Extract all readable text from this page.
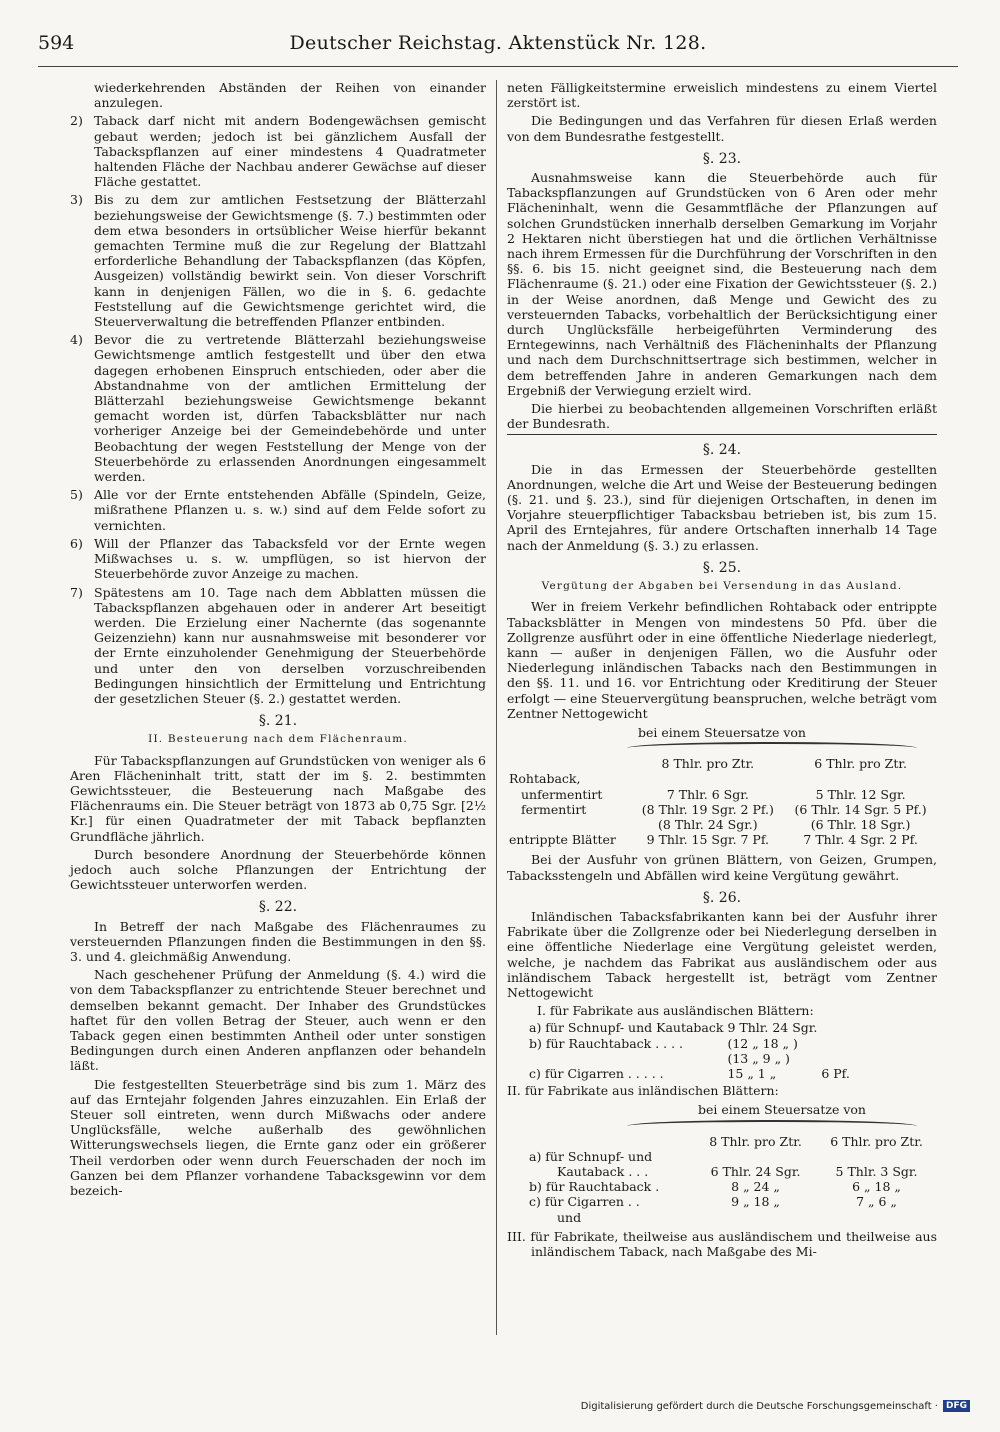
594	Deutscher Reichstag. Aktenstück Nr. 128.

wiederkehrenden Abständen der Reihen von einander anzulegen.

2) Taback darf nicht mit andern Bodengewächsen gemischt gebaut werden; jedoch ist bei gänzlichem Ausfall der Tabackspflanzen auf einer mindestens 4 Quadratmeter haltenden Fläche der Nachbau anderer Gewächse auf dieser Fläche gestattet.
3) Bis zu dem zur amtlichen Festsetzung der Blätterzahl beziehungsweise der Gewichtsmenge (§. 7.) bestimmten oder dem etwa besonders in ortsüblicher Weise hierfür bekannt gemachten Termine muß die zur Regelung der Blattzahl erforderliche Behandlung der Tabackspflanzen (das Köpfen, Ausgeizen) vollständig bewirkt sein. Von dieser Vorschrift kann in denjenigen Fällen, wo die in §. 6. gedachte Feststellung auf die Gewichtsmenge gerichtet wird, die Steuerverwaltung die betreffenden Pflanzer entbinden.
4) Bevor die zu vertretende Blätterzahl beziehungsweise Gewichtsmenge amtlich festgestellt und über den etwa dagegen erhobenen Einspruch entschieden, oder aber die Abstandnahme von der amtlichen Ermittelung der Blätterzahl beziehungsweise Gewichtsmenge bekannt gemacht worden ist, dürfen Tabacksblätter nur nach vorheriger Anzeige bei der Gemeindebehörde und unter Beobachtung der wegen Feststellung der Menge von der Steuerbehörde zu erlassenden Anordnungen eingesammelt werden.
5) Alle vor der Ernte entstehenden Abfälle (Spindeln, Geize, mißrathene Pflanzen u. s. w.) sind auf dem Felde sofort zu vernichten.
6) Will der Pflanzer das Tabacksfeld vor der Ernte wegen Mißwachses u. s. w. umpflügen, so ist hiervon der Steuerbehörde zuvor Anzeige zu machen.
7) Spätestens am 10. Tage nach dem Abblatten müssen die Tabackspflanzen abgehauen oder in anderer Art beseitigt werden. Die Erzielung einer Nachernte (das sogenannte Geizenziehn) kann nur ausnahmsweise mit besonderer vor der Ernte einzuholender Genehmigung der Steuerbehörde und unter den von derselben vorzuschreibenden Bedingungen hinsichtlich der Ermittelung und Entrichtung der gesetzlichen Steuer (§. 2.) gestattet werden.
§. 21.
II. Besteuerung nach dem Flächenraum.

Für Tabackspflanzungen auf Grundstücken von weniger als 6 Aren Flächeninhalt tritt, statt der im §. 2. bestimmten Gewichtssteuer, die Besteuerung nach Maßgabe des Flächenraums ein. Die Steuer beträgt von 1873 ab 0,75 Sgr. [2½ Kr.] für einen Quadratmeter der mit Taback bepflanzten Grundfläche jährlich.

Durch besondere Anordnung der Steuerbehörde können jedoch auch solche Pflanzungen der Entrichtung der Gewichtssteuer unterworfen werden.

§. 22.

In Betreff der nach Maßgabe des Flächenraumes zu versteuernden Pflanzungen finden die Bestimmungen in den §§. 3. und 4. gleichmäßig Anwendung.

Nach geschehener Prüfung der Anmeldung (§. 4.) wird die von dem Tabackspflanzer zu entrichtende Steuer berechnet und demselben bekannt gemacht. Der Inhaber des Grundstückes haftet für den vollen Betrag der Steuer, auch wenn er den Taback gegen einen bestimmten Antheil oder unter sonstigen Bedingungen durch einen Anderen anpflanzen oder behandeln läßt.

Die festgestellten Steuerbeträge sind bis zum 1. März des auf das Erntejahr folgenden Jahres einzuzahlen. Ein Erlaß der Steuer soll eintreten, wenn durch Mißwachs oder andere Unglücksfälle, welche außerhalb des gewöhnlichen Witterungswechsels liegen, die Ernte ganz oder ein größerer Theil verdorben oder wenn durch Feuerschaden der noch im Ganzen bei dem Pflanzer vorhandene Tabacksgewinn vor dem bezeich-

neten Fälligkeitstermine erweislich mindestens zu einem Viertel zerstört ist.

Die Bedingungen und das Verfahren für diesen Erlaß werden von dem Bundesrathe festgestellt.

§. 23.

Ausnahmsweise kann die Steuerbehörde auch für Tabackspflanzungen auf Grundstücken von 6 Aren oder mehr Flächeninhalt, wenn die Gesammtfläche der Pflanzungen auf solchen Grundstücken innerhalb derselben Gemarkung im Vorjahr 2 Hektaren nicht überstiegen hat und die örtlichen Verhältnisse nach ihrem Ermessen für die Durchführung der Vorschriften in den §§. 6. bis 15. nicht geeignet sind, die Besteuerung nach dem Flächenraume (§. 21.) oder eine Fixation der Gewichtssteuer (§. 2.) in der Weise anordnen, daß Menge und Gewicht des zu versteuernden Tabacks, vorbehaltlich der Berücksichtigung einer durch Unglücksfälle herbeigeführten Verminderung des Erntegewinns, nach Verhältniß des Flächeninhalts der Pflanzung und nach dem Durchschnittsertrage sich bestimmen, welcher in dem betreffenden Jahre in anderen Gemarkungen nach dem Ergebniß der Verwiegung erzielt wird.

Die hierbei zu beobachtenden allgemeinen Vorschriften erläßt der Bundesrath.

§. 24.

Die in das Ermessen der Steuerbehörde gestellten Anordnungen, welche die Art und Weise der Besteuerung bedingen (§. 21. und §. 23.), sind für diejenigen Ortschaften, in denen im Vorjahre steuerpflichtiger Tabacksbau betrieben ist, bis zum 15. April des Erntejahres, für andere Ortschaften innerhalb 14 Tage nach der Anmeldung (§. 3.) zu erlassen.

§. 25.
Vergütung der Abgaben bei Versendung in das Ausland.

Wer in freiem Verkehr befindlichen Rohtaback oder entrippte Tabacksblätter in Mengen von mindestens 50 Pfd. über die Zollgrenze ausführt oder in eine öffentliche Niederlage niederlegt, kann — außer in denjenigen Fällen, wo die Ausfuhr oder Niederlegung inländischen Tabacks nach den Bestimmungen in den §§. 11. und 16. vor Entrichtung oder Kreditirung der Steuer erfolgt — eine Steuervergütung beanspruchen, welche beträgt vom Zentner Nettogewicht

bei einem Steuersatze von
	8 Thlr. pro Ztr.	6 Thlr. pro Ztr.
Rohtaback,		
unfermentirt	7 Thlr. 6 Sgr.	5 Thlr. 12 Sgr.
fermentirt	(8 Thlr. 19 Sgr. 2 Pf.)	(6 Thlr. 14 Sgr. 5 Pf.)
	(8 Thlr. 24 Sgr.)	(6 Thlr. 18 Sgr.)
entrippte Blätter	9 Thlr. 15 Sgr. 7 Pf.	7 Thlr. 4 Sgr. 2 Pf.

Bei der Ausfuhr von grünen Blättern, von Geizen, Grumpen, Tabacksstengeln und Abfällen wird keine Vergütung gewährt.

§. 26.

Inländischen Tabacksfabrikanten kann bei der Ausfuhr ihrer Fabrikate über die Zollgrenze oder bei Niederlegung derselben in eine öffentliche Niederlage eine Vergütung geleistet werden, welche, je nachdem das Fabrikat aus ausländischem oder aus inländischem Taback hergestellt ist, beträgt vom Zentner Nettogewicht

I. für Fabrikate aus ausländischen Blättern:
a) für Schnupf- und Kautaback	9 Thlr. 24 Sgr.	
b) für Rauchtaback . . . .	(12 „ 18 „ )	
	(13 „ 9 „ )	
c) für Cigarren . . . . .	15 „ 1 „	6 Pf.
II. für Fabrikate aus inländischen Blättern:
bei einem Steuersatze von
	8 Thlr. pro Ztr.	6 Thlr. pro Ztr.
a) für Schnupf- und		
Kautaback . . .	6 Thlr. 24 Sgr.	5 Thlr. 3 Sgr.
b) für Rauchtaback .	8 „ 24 „	6 „ 18 „
c) für Cigarren . .	9 „ 18 „	7 „ 6 „
und		

III. für Fabrikate, theilweise aus ausländischem und theilweise aus inländischem Taback, nach Maßgabe des Mi-

Digitalisierung gefördert durch die Deutsche Forschungsgemeinschaft · DFG
